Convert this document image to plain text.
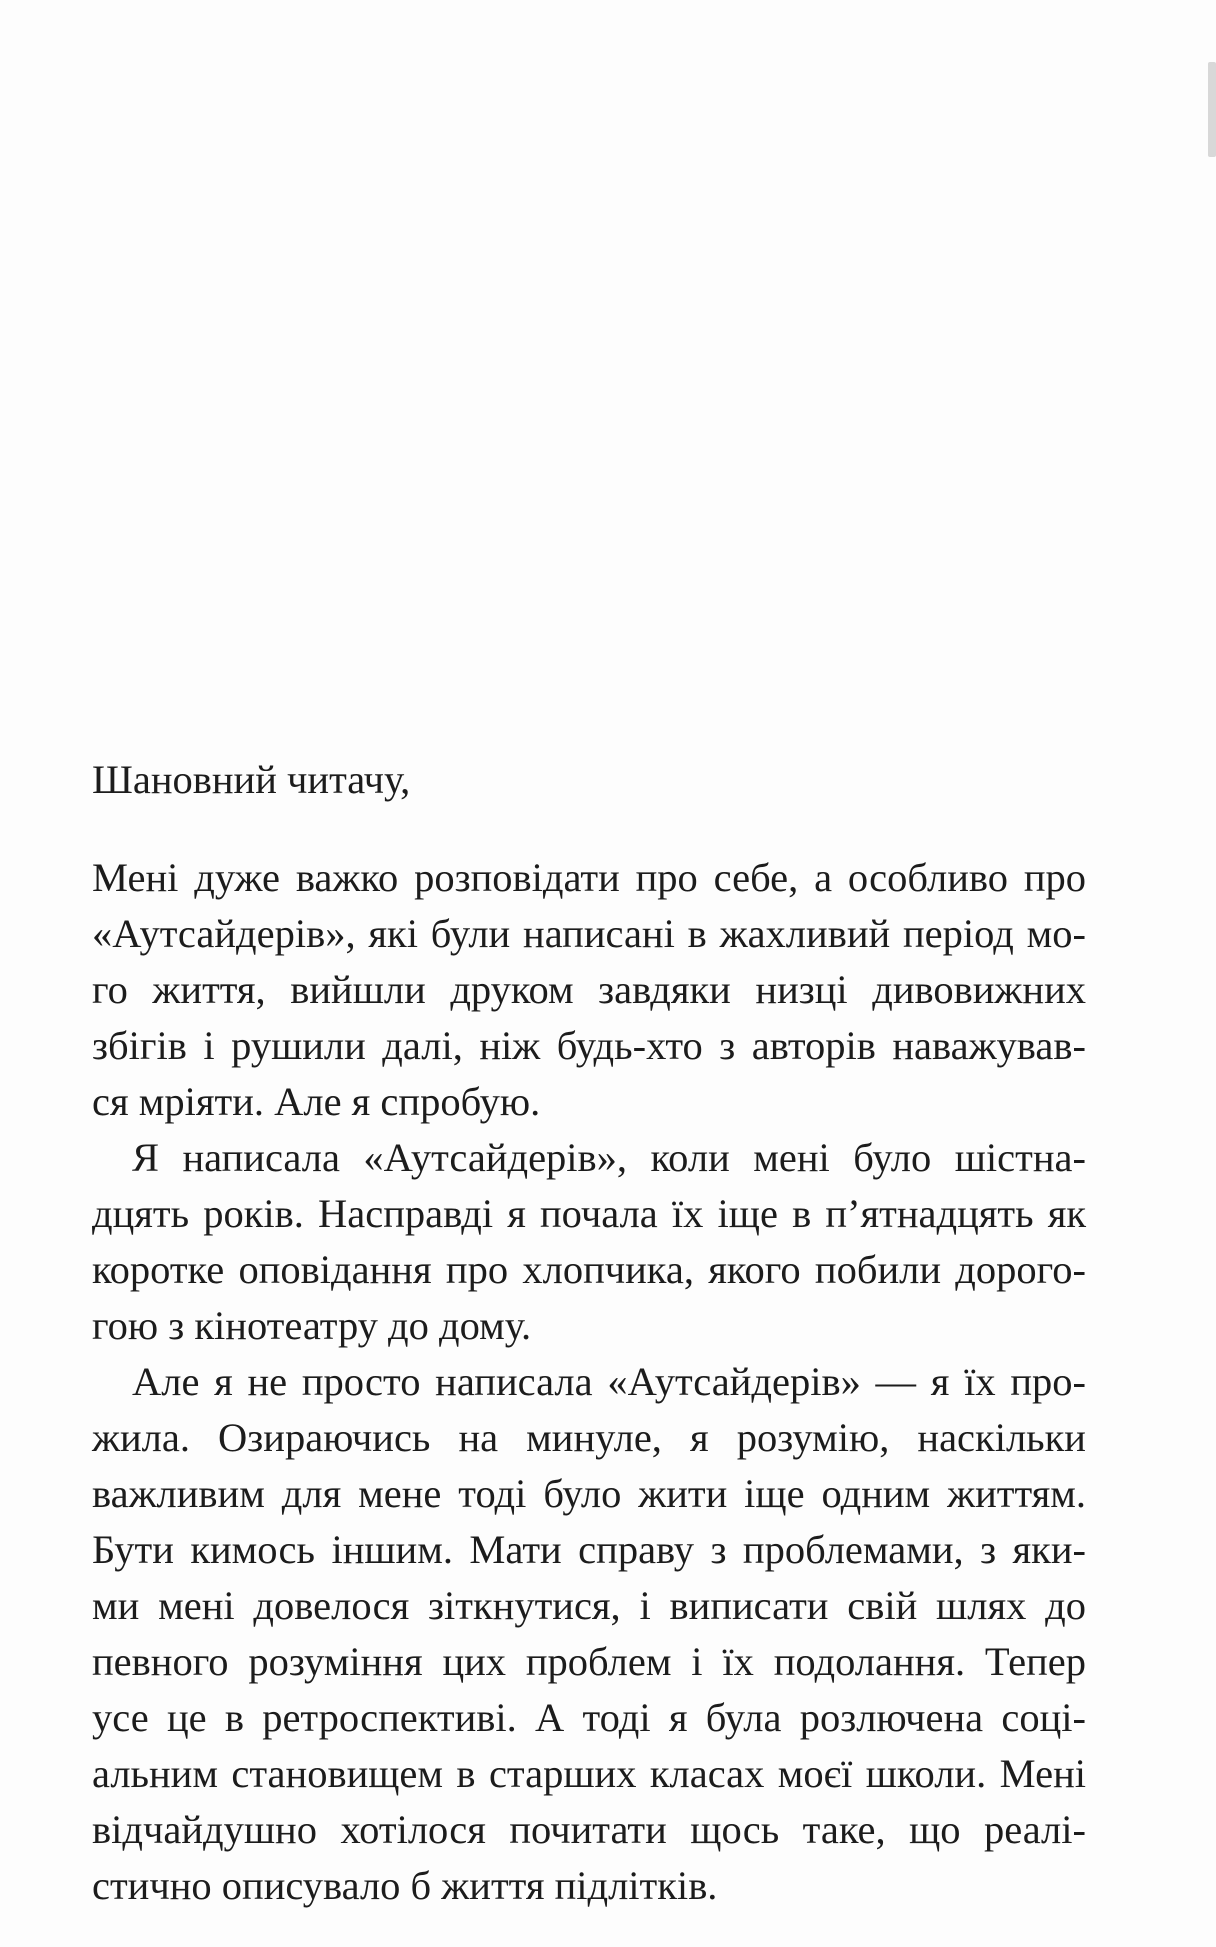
Шановний читачу,
Мені дуже важко розповідати про себе, а особливо про
«Аутсайдерів», які були написані в жахливий період мо-
го життя, вийшли друком завдяки низці дивовижних
збігів і рушили далі, ніж будь-хто з авторів наважував-
ся мріяти. Але я спробую.
Я написала «Аутсайдерів», коли мені було шістна-
дцять років. Насправді я почала їх іще в п’ятнадцять як
коротке оповідання про хлопчика, якого побили дорого-
гою з кінотеатру до дому.
Але я не просто написала «Аутсайдерів» — я їх про-
жила. Озираючись на минуле, я розумію, наскільки
важливим для мене тоді було жити іще одним життям.
Бути кимось іншим. Мати справу з проблемами, з яки-
ми мені довелося зіткнутися, і виписати свій шлях до
певного розуміння цих проблем і їх подолання. Тепер
усе це в ретроспективі. А тоді я була розлючена соці-
альним становищем в старших класах моєї школи. Мені
відчайдушно хотілося почитати щось таке, що реалі-
стично описувало б життя підлітків.
